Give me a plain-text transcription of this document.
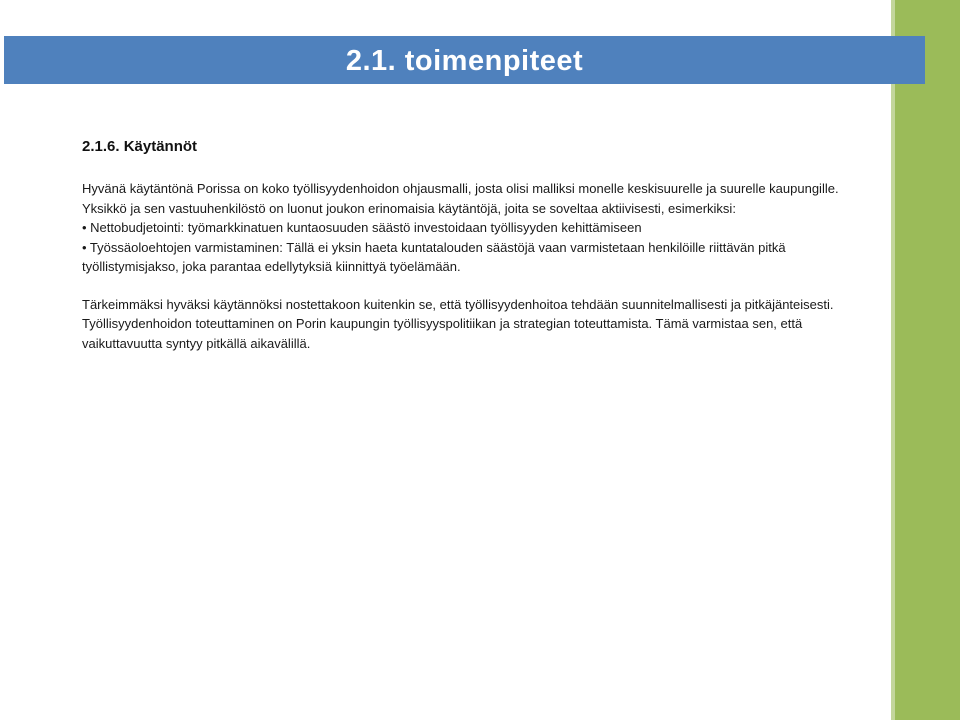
2.1. toimenpiteet
2.1.6. Käytännöt

Hyvänä käytäntönä Porissa on koko työllisyydenhoidon ohjausmalli, josta olisi malliksi monelle keskisuurelle ja suurelle kaupungille. Yksikkö ja sen vastuuhenkilöstö on luonut joukon erinomaisia käytäntöjä, joita se soveltaa aktiivisesti, esimerkiksi:

• Nettobudjetointi: työmarkkinatuen kuntaosuuden säästö investoidaan työllisyyden kehittämiseen

• Työssäoloehtojen varmistaminen: Tällä ei yksin haeta kuntatalouden säästöjä vaan varmistetaan henkilöille riittävän pitkä työllistymisjakso, joka parantaa edellytyksiä kiinnittyä työelämään.

Tärkeimmäksi hyväksi käytännöksi nostettakoon kuitenkin se, että työllisyydenhoitoa tehdään suunnitelmallisesti ja pitkäjänteisesti. Työllisyydenhoidon toteuttaminen on Porin kaupungin työllisyyspolitiikan ja strategian toteuttamista. Tämä varmistaa sen, että vaikuttavuutta syntyy pitkällä aikavälillä.
